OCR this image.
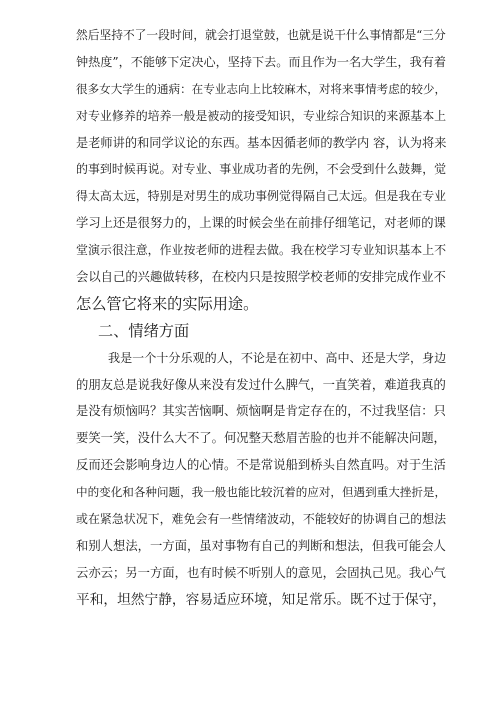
然后坚持不了一段时间，就会打退堂鼓，也就是说干什么事情都是“三分
钟热度”，不能够下定决心，坚持下去。而且作为一名大学生，我有着
很多女大学生的通病：在专业志向上比较麻木，对将来事情考虑的较少，
对专业修养的培养一般是被动的接受知识，专业综合知识的来源基本上
是老师讲的和同学议论的东西。基本因循老师的教学内 容，认为将来
的事到时候再说。对专业、事业成功者的先例，不会受到什么鼓舞，觉
得太高太远，特别是对男生的成功事例觉得隔自己太远。但是我在专业
学习上还是很努力的，上课的时候会坐在前排仔细笔记，对老师的课
堂演示很注意，作业按老师的进程去做。我在校学习专业知识基本上不
会以自己的兴趣做转移，在校内只是按照学校老师的安排完成作业不
怎么管它将来的实际用途。
二、情绪方面
我是一个十分乐观的人，不论是在初中、高中、还是大学，身边
的朋友总是说我好像从来没有发过什么脾气，一直笑着，难道我真的
是没有烦恼吗？其实苦恼啊、烦恼啊是肯定存在的，不过我坚信：只
要笑一笑，没什么大不了。何况整天愁眉苦脸的也并不能解决问题，
反而还会影响身边人的心情。不是常说船到桥头自然直吗。对于生活
中的变化和各种问题，我一般也能比较沉着的应对，但遇到重大挫折是，
或在紧急状况下，难免会有一些情绪波动，不能较好的协调自己的想法
和别人想法，一方面，虽对事物有自己的判断和想法，但我可能会人
云亦云；另一方面，也有时候不听别人的意见，会固执己见。我心气
平和，坦然宁静，容易适应环境，知足常乐。既不过于保守，
